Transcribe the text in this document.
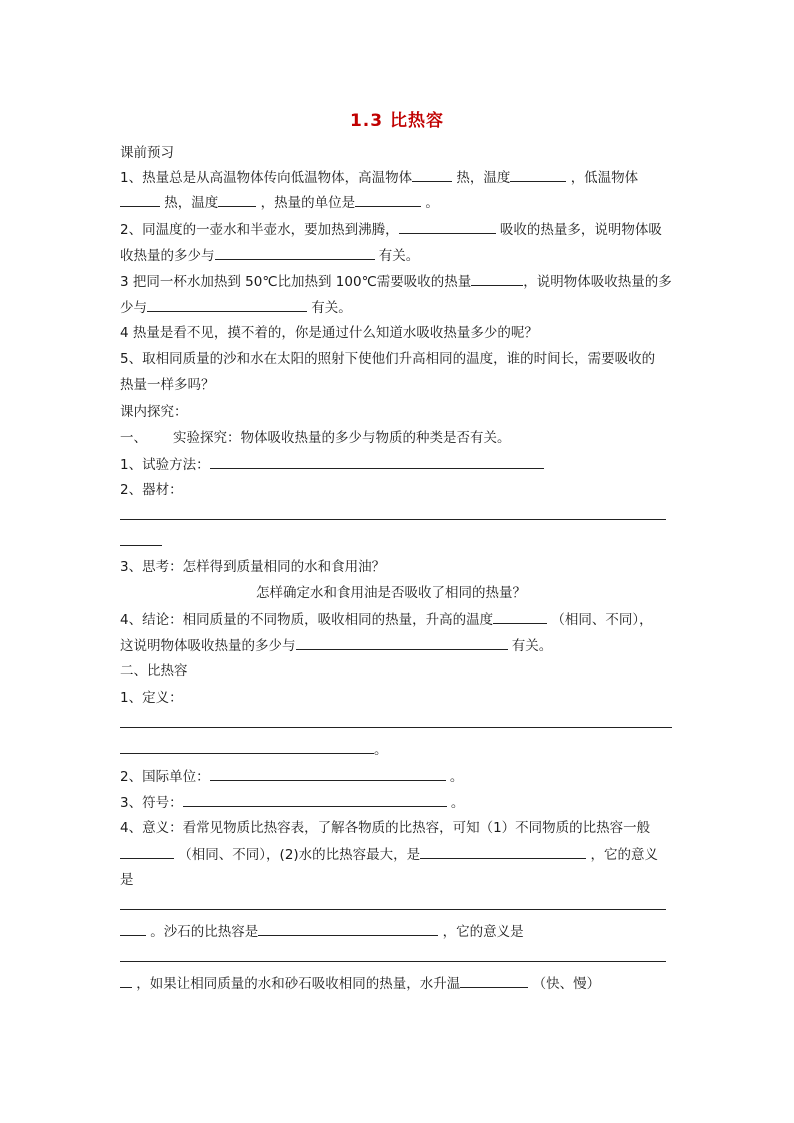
1.3 比热容
课前预习
1、热量总是从高温物体传向低温物体，高温物体	热，温度	，低温物体
热，温度	，热量的单位是	。
2、同温度的一壶水和半壶水，要加热到沸腾，	吸收的热量多，说明物体吸
收热量的多少与	有关。
3 把同一杯水加热到 50℃比加热到 100℃需要吸收的热量	，说明物体吸收热量的多
少与	有关。
4 热量是看不见，摸不着的，你是通过什么知道水吸收热量多少的呢？
5、取相同质量的沙和水在太阳的照射下使他们升高相同的温度，谁的时间长，需要吸收的
热量一样多吗？
课内探究：
一、 实验探究：物体吸收热量的多少与物质的种类是否有关。
1、试验方法：
2、器材：
3、思考：怎样得到质量相同的水和食用油？
怎样确定水和食用油是否吸收了相同的热量？
4、结论：相同质量的不同物质，吸收相同的热量，升高的温度	（相同、不同），
这说明物体吸收热量的多少与	有关。
二、比热容
1、定义：
。
2、国际单位：	。
3、符号：	。
4、意义：看常见物质比热容表，了解各物质的比热容，可知（1）不同物质的比热容一般
（相同、不同），(2)水的比热容最大，是	，它的意义
是
。沙石的比热容是	，它的意义是
，如果让相同质量的水和砂石吸收相同的热量，水升温	（快、慢）
